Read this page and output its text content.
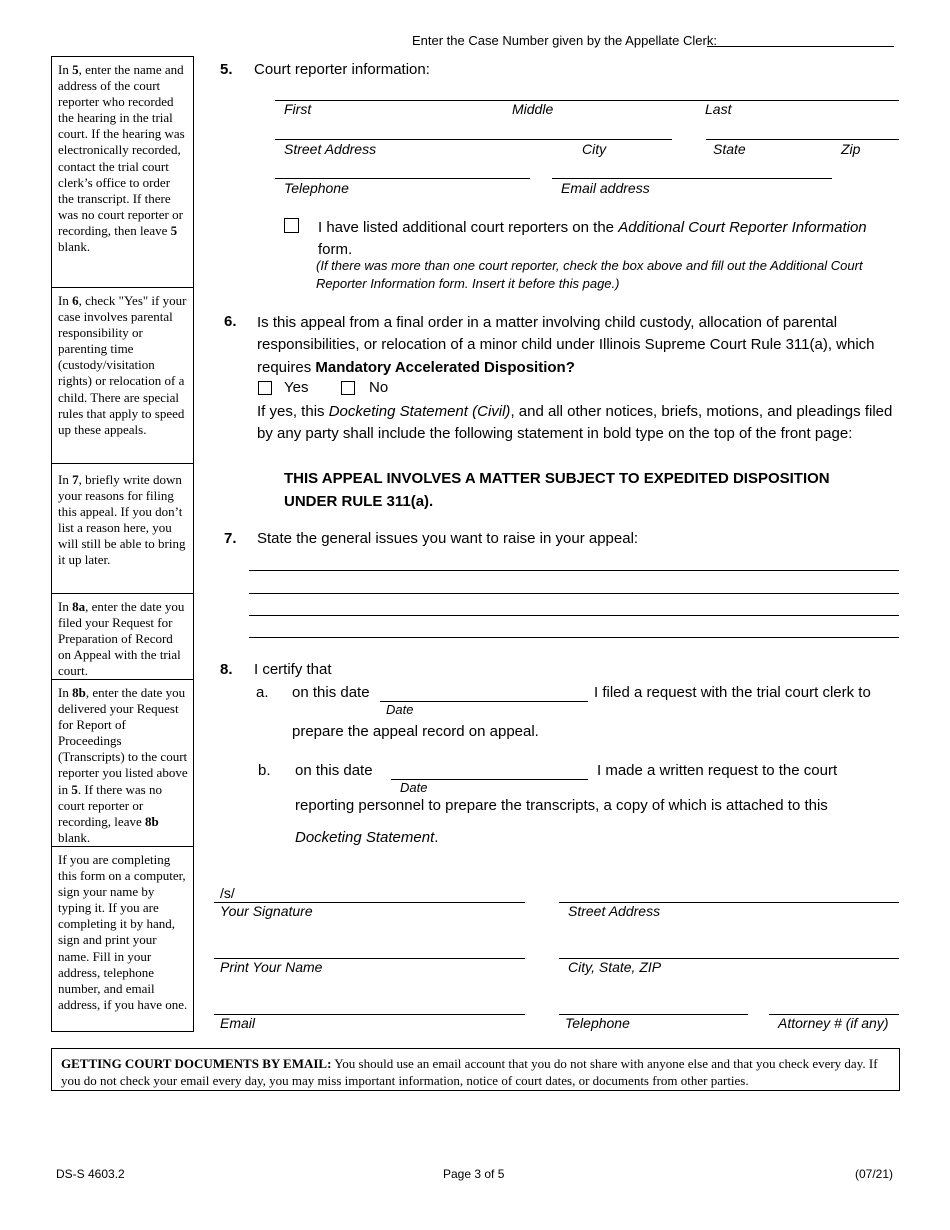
Enter the Case Number given by the Appellate Clerk:

In 5, enter the name and address of the court reporter who recorded the hearing in the trial court. If the hearing was electronically recorded, contact the trial court clerk’s office to order the transcript. If there was no court reporter or recording, then leave 5 blank.

In 6, check "Yes" if your case involves parental responsibility or parenting time (custody/visitation rights) or relocation of a child. There are special rules that apply to speed up these appeals.

In 7, briefly write down your reasons for filing this appeal. If you don’t list a reason here, you will still be able to bring it up later.

In 8a, enter the date you filed your Request for Preparation of Record on Appeal with the trial court.

In 8b, enter the date you delivered your Request for Report of Proceedings (Transcripts) to the court reporter you listed above in 5. If there was no court reporter or recording, leave 8b blank.

If you are completing this form on a computer, sign your name by typing it. If you are completing it by hand, sign and print your name. Fill in your address, telephone number, and email address, if you have one.

5. Court reporter information:
First	Middle	Last
Street Address	City	State	Zip
Telephone	Email address
I have listed additional court reporters on the Additional Court Reporter Information
form.
(If there was more than one court reporter, check the box above and fill out the Additional Court Reporter Information form. Insert it before this page.)
6. Is this appeal from a final order in a matter involving child custody, allocation of parental responsibilities, or relocation of a minor child under Illinois Supreme Court Rule 311(a), which requires Mandatory Accelerated Disposition?
Yes	No
If yes, this Docketing Statement (Civil), and all other notices, briefs, motions, and pleadings filed by any party shall include the following statement in bold type on the top of the front page:
THIS APPEAL INVOLVES A MATTER SUBJECT TO EXPEDITED DISPOSITION UNDER RULE 311(a).
7. State the general issues you want to raise in your appeal:
8. I certify that
a. on this date
Date
I filed a request with the trial court clerk to
prepare the appeal record on appeal.
b. on this date
Date
I made a written request to the court
reporting personnel to prepare the transcripts, a copy of which is attached to this
Docketing Statement.
/s/
Your Signature	Street Address
Print Your Name	City, State, ZIP
Email	Telephone	Attorney # (if any)
GETTING COURT DOCUMENTS BY EMAIL: You should use an email account that you do not share with anyone else and that you check every day. If you do not check your email every day, you may miss important information, notice of court dates, or documents from other parties.
DS-S 4603.2	Page 3 of 5	(07/21)
